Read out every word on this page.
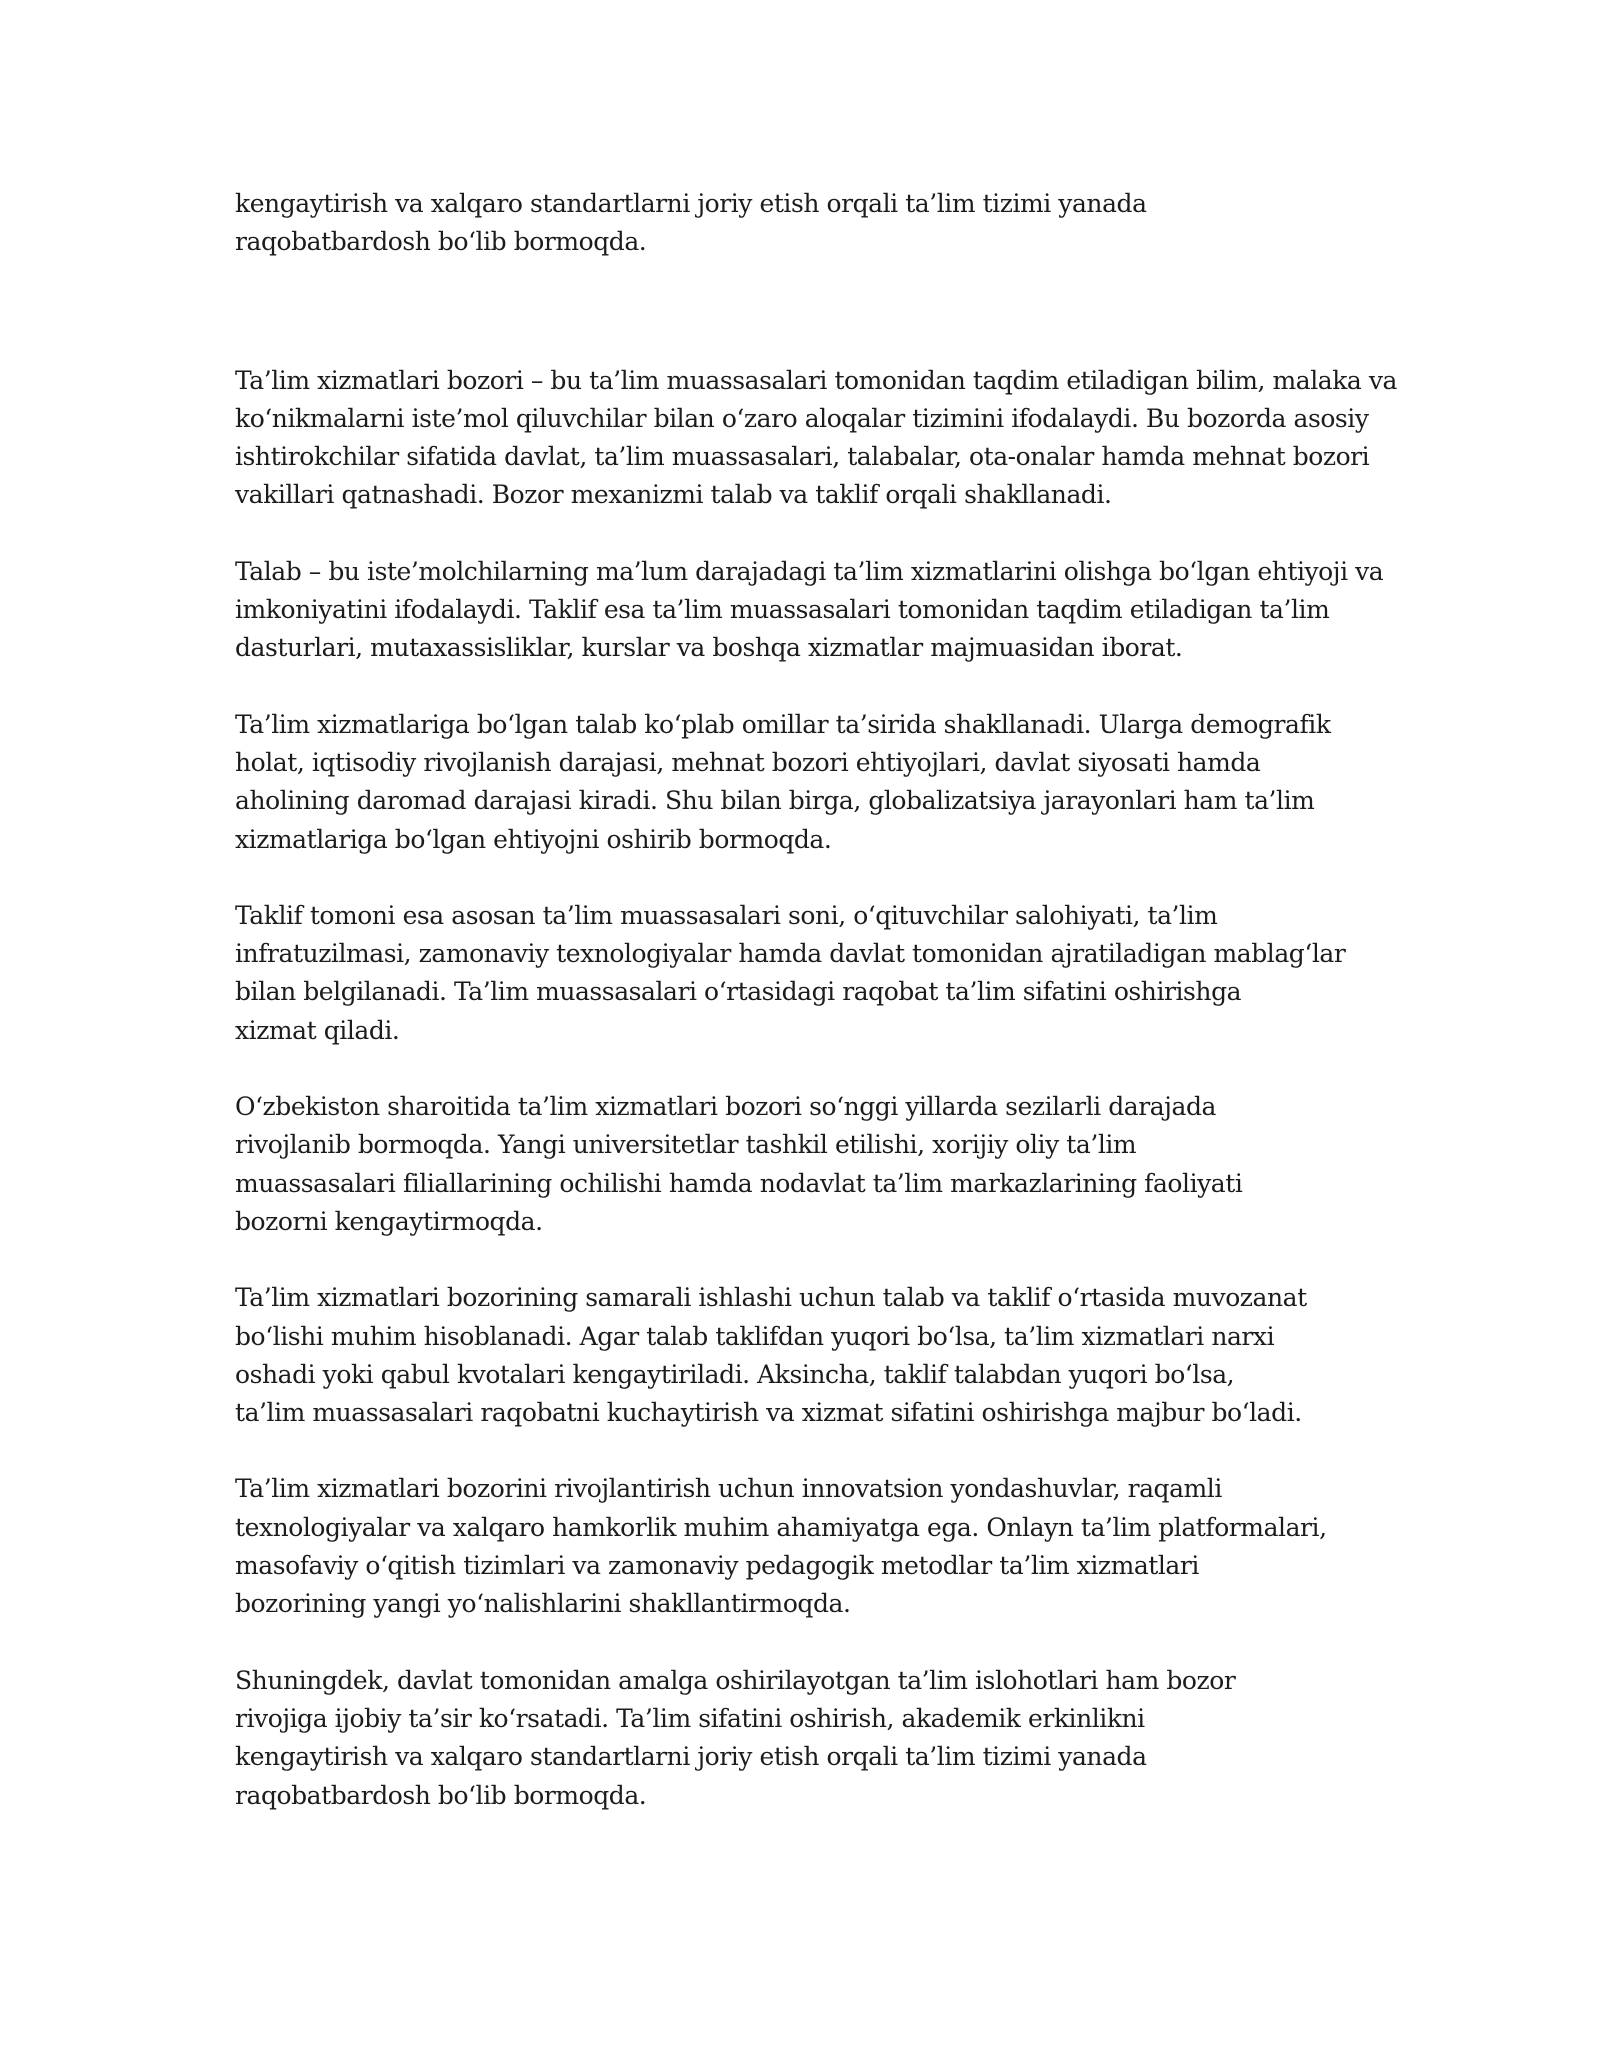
kengaytirish va xalqaro standartlarni joriy etish orqali ta’lim tizimi yanada
raqobatbardosh bo‘lib bormoqda.

Ta’lim xizmatlari bozori – bu ta’lim muassasalari tomonidan taqdim etiladigan bilim, malaka va
ko‘nikmalarni iste’mol qiluvchilar bilan o‘zaro aloqalar tizimini ifodalaydi. Bu bozorda asosiy
ishtirokchilar sifatida davlat, ta’lim muassasalari, talabalar, ota-onalar hamda mehnat bozori
vakillari qatnashadi. Bozor mexanizmi talab va taklif orqali shakllanadi.

Talab – bu iste’molchilarning ma’lum darajadagi ta’lim xizmatlarini olishga bo‘lgan ehtiyoji va
imkoniyatini ifodalaydi. Taklif esa ta’lim muassasalari tomonidan taqdim etiladigan ta’lim
dasturlari, mutaxassisliklar, kurslar va boshqa xizmatlar majmuasidan iborat.

Ta’lim xizmatlariga bo‘lgan talab ko‘plab omillar ta’sirida shakllanadi. Ularga demografik
holat, iqtisodiy rivojlanish darajasi, mehnat bozori ehtiyojlari, davlat siyosati hamda
aholining daromad darajasi kiradi. Shu bilan birga, globalizatsiya jarayonlari ham ta’lim
xizmatlariga bo‘lgan ehtiyojni oshirib bormoqda.

Taklif tomoni esa asosan ta’lim muassasalari soni, o‘qituvchilar salohiyati, ta’lim
infratuzilmasi, zamonaviy texnologiyalar hamda davlat tomonidan ajratiladigan mablag‘lar
bilan belgilanadi. Ta’lim muassasalari o‘rtasidagi raqobat ta’lim sifatini oshirishga
xizmat qiladi.

O‘zbekiston sharoitida ta’lim xizmatlari bozori so‘nggi yillarda sezilarli darajada
rivojlanib bormoqda. Yangi universitetlar tashkil etilishi, xorijiy oliy ta’lim
muassasalari filiallarining ochilishi hamda nodavlat ta’lim markazlarining faoliyati
bozorni kengaytirmoqda.

Ta’lim xizmatlari bozorining samarali ishlashi uchun talab va taklif o‘rtasida muvozanat
bo‘lishi muhim hisoblanadi. Agar talab taklifdan yuqori bo‘lsa, ta’lim xizmatlari narxi
oshadi yoki qabul kvotalari kengaytiriladi. Aksincha, taklif talabdan yuqori bo‘lsa,
ta’lim muassasalari raqobatni kuchaytirish va xizmat sifatini oshirishga majbur bo‘ladi.

Ta’lim xizmatlari bozorini rivojlantirish uchun innovatsion yondashuvlar, raqamli
texnologiyalar va xalqaro hamkorlik muhim ahamiyatga ega. Onlayn ta’lim platformalari,
masofaviy o‘qitish tizimlari va zamonaviy pedagogik metodlar ta’lim xizmatlari
bozorining yangi yo‘nalishlarini shakllantirmoqda.

Shuningdek, davlat tomonidan amalga oshirilayotgan ta’lim islohotlari ham bozor
rivojiga ijobiy ta’sir ko‘rsatadi. Ta’lim sifatini oshirish, akademik erkinlikni
kengaytirish va xalqaro standartlarni joriy etish orqali ta’lim tizimi yanada
raqobatbardosh bo‘lib bormoqda.
